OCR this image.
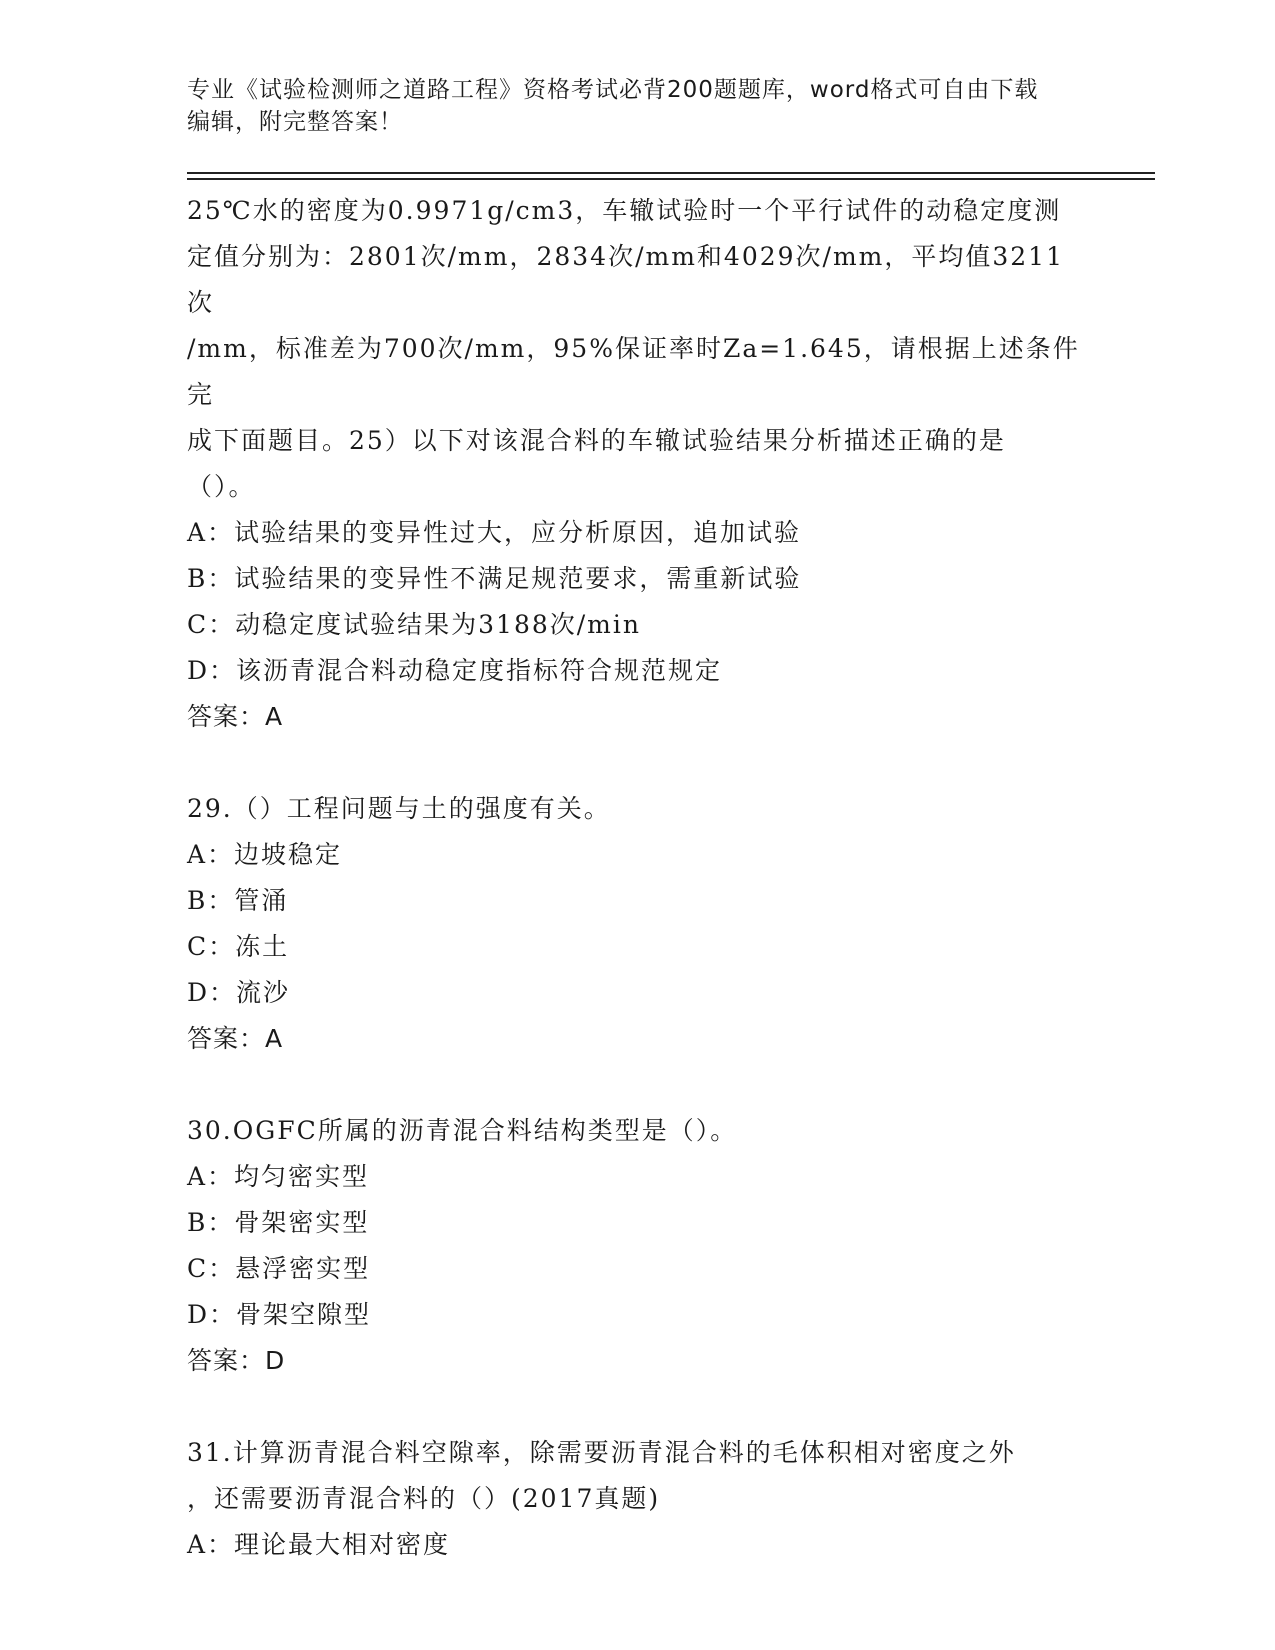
专业《试验检测师之道路工程》资格考试必背200题题库，word格式可自由下载
编辑，附完整答案！

25℃水的密度为0.9971g/cm3，车辙试验时一个平行试件的动稳定度测

定值分别为：2801次/mm，2834次/mm和4029次/mm，平均值3211次

/mm，标准差为700次/mm，95%保证率时Za=1.645，请根据上述条件完

成下面题目。25）以下对该混合料的车辙试验结果分析描述正确的是

（）。

A：试验结果的变异性过大，应分析原因，追加试验

B：试验结果的变异性不满足规范要求，需重新试验

C：动稳定度试验结果为3188次/min

D：该沥青混合料动稳定度指标符合规范规定

答案：A

29.（）工程问题与土的强度有关。

A：边坡稳定

B：管涌

C：冻土

D：流沙

答案：A

30.OGFC所属的沥青混合料结构类型是（）。

A：均匀密实型

B：骨架密实型

C：悬浮密实型

D：骨架空隙型

答案：D

31.计算沥青混合料空隙率，除需要沥青混合料的毛体积相对密度之外

，还需要沥青混合料的（）(2017真题)

A：理论最大相对密度
